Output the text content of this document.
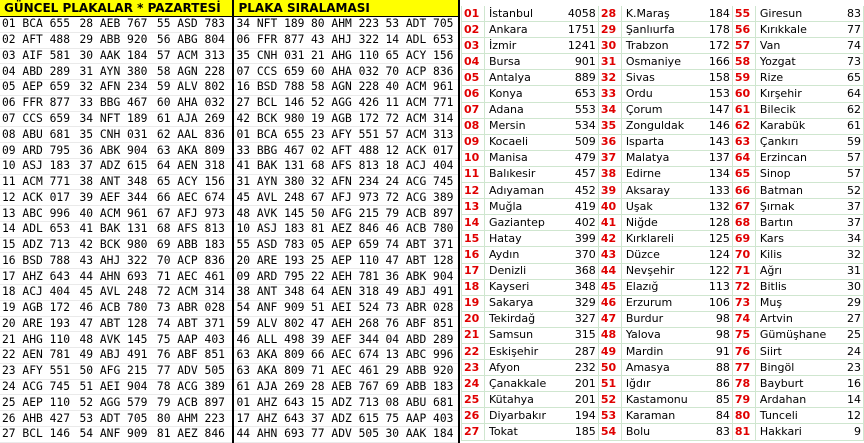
GÜNCEL PLAKALAR * PAZARTESİ			PLAKA SIRALAMASI		
01 BCA 655	28 AEB 767	55 ASD 783	34 NFT 189	80 AHM 223	53 ADT 705
02 AFT 488	29 ABB 920	56 ABG 804	06 FFR 877	43 AHJ 322	14 ADL 653
03 AIF 581	30 AAK 184	57 ACM 313	35 CNH 031	21 AHG 110	65 ACY 156
04 ABD 289	31 AYN 380	58 AGN 228	07 CCS 659	60 AHA 032	70 ACP 836
05 AEP 659	32 AFN 234	59 ALV 802	16 BSD 788	58 AGN 228	40 ACM 961
06 FFR 877	33 BBG 467	60 AHA 032	27 BCL 146	52 AGG 426	11 ACM 771
07 CCS 659	34 NFT 189	61 AJA 269	42 BCK 980	19 AGB 172	72 ACM 314
08 ABU 681	35 CNH 031	62 AAL 836	01 BCA 655	23 AFY 551	57 ACM 313
09 ARD 795	36 ABK 904	63 AKA 809	33 BBG 467	02 AFT 488	12 ACK 017
10 ASJ 183	37 ADZ 615	64 AEN 318	41 BAK 131	68 AFS 813	18 ACJ 404
11 ACM 771	38 ANT 348	65 ACY 156	31 AYN 380	32 AFN 234	24 ACG 745
12 ACK 017	39 AEF 344	66 AEC 674	45 AVL 248	67 AFJ 973	72 ACG 389
13 ABC 996	40 ACM 961	67 AFJ 973	48 AVK 145	50 AFG 215	79 ACB 897
14 ADL 653	41 BAK 131	68 AFS 813	10 ASJ 183	81 AEZ 846	46 ACB 780
15 ADZ 713	42 BCK 980	69 ABB 183	55 ASD 783	05 AEP 659	74 ABT 371
16 BSD 788	43 AHJ 322	70 ACP 836	20 ARE 193	25 AEP 110	47 ABT 128
17 AHZ 643	44 AHN 693	71 AEC 461	09 ARD 795	22 AEH 781	36 ABK 904
18 ACJ 404	45 AVL 248	72 ACM 314	38 ANT 348	64 AEN 318	49 ABJ 491
19 AGB 172	46 ACB 780	73 ABR 028	54 ANF 909	51 AEI 524	73 ABR 028
20 ARE 193	47 ABT 128	74 ABT 371	59 ALV 802	47 AEH 268	76 ABF 851
21 AHG 110	48 AVK 145	75 AAP 403	46 ALL 498	39 AEF 344	04 ABD 289
22 AEN 781	49 ABJ 491	76 ABF 851	63 AKA 809	66 AEC 674	13 ABC 996
23 AFY 551	50 AFG 215	77 ADV 505	63 AKA 809	71 AEC 461	29 ABB 920
24 ACG 745	51 AEI 904	78 ACG 389	61 AJA 269	28 AEB 767	69 ABB 183
25 AEP 110	52 AGG 579	79 ACB 897	01 AHZ 643	15 ADZ 713	08 ABU 681
26 AHB 427	53 ADT 705	80 AHM 223	17 AHZ 643	37 ADZ 615	75 AAP 403
27 BCL 146	54 ANF 909	81 AEZ 846	44 AHN 693	77 ADV 505	30 AAK 184

01	İstanbul	4058	28	K.Maraş	184	55	Giresun	83
02	Ankara	1751	29	Şanlıurfa	178	56	Kırıkkale	77
03	İzmir	1241	30	Trabzon	172	57	Van	74
04	Bursa	901	31	Osmaniye	166	58	Yozgat	73
05	Antalya	889	32	Sivas	158	59	Rize	65
06	Konya	653	33	Ordu	153	60	Kırşehir	64
07	Adana	553	34	Çorum	147	61	Bilecik	62
08	Mersin	534	35	Zonguldak	146	62	Karabük	61
09	Kocaeli	509	36	Isparta	143	63	Çankırı	59
10	Manisa	479	37	Malatya	137	64	Erzincan	57
11	Balıkesir	457	38	Edirne	134	65	Sinop	57
12	Adıyaman	452	39	Aksaray	133	66	Batman	52
13	Muğla	419	40	Uşak	132	67	Şırnak	37
14	Gaziantep	402	41	Niğde	128	68	Bartın	37
15	Hatay	399	42	Kırklareli	125	69	Kars	34
16	Aydın	370	43	Düzce	124	70	Kilis	32
17	Denizli	368	44	Nevşehir	122	71	Ağrı	31
18	Kayseri	348	45	Elazığ	113	72	Bitlis	30
19	Sakarya	329	46	Erzurum	106	73	Muş	29
20	Tekirdağ	327	47	Burdur	98	74	Artvin	27
21	Samsun	315	48	Yalova	98	75	Gümüşhane	25
22	Eskişehir	287	49	Mardin	91	76	Siirt	24
23	Afyon	232	50	Amasya	88	77	Bingöl	23
24	Çanakkale	201	51	Iğdır	86	78	Bayburt	16
25	Kütahya	201	52	Kastamonu	85	79	Ardahan	14
26	Diyarbakır	194	53	Karaman	84	80	Tunceli	12
27	Tokat	185	54	Bolu	83	81	Hakkari	9
